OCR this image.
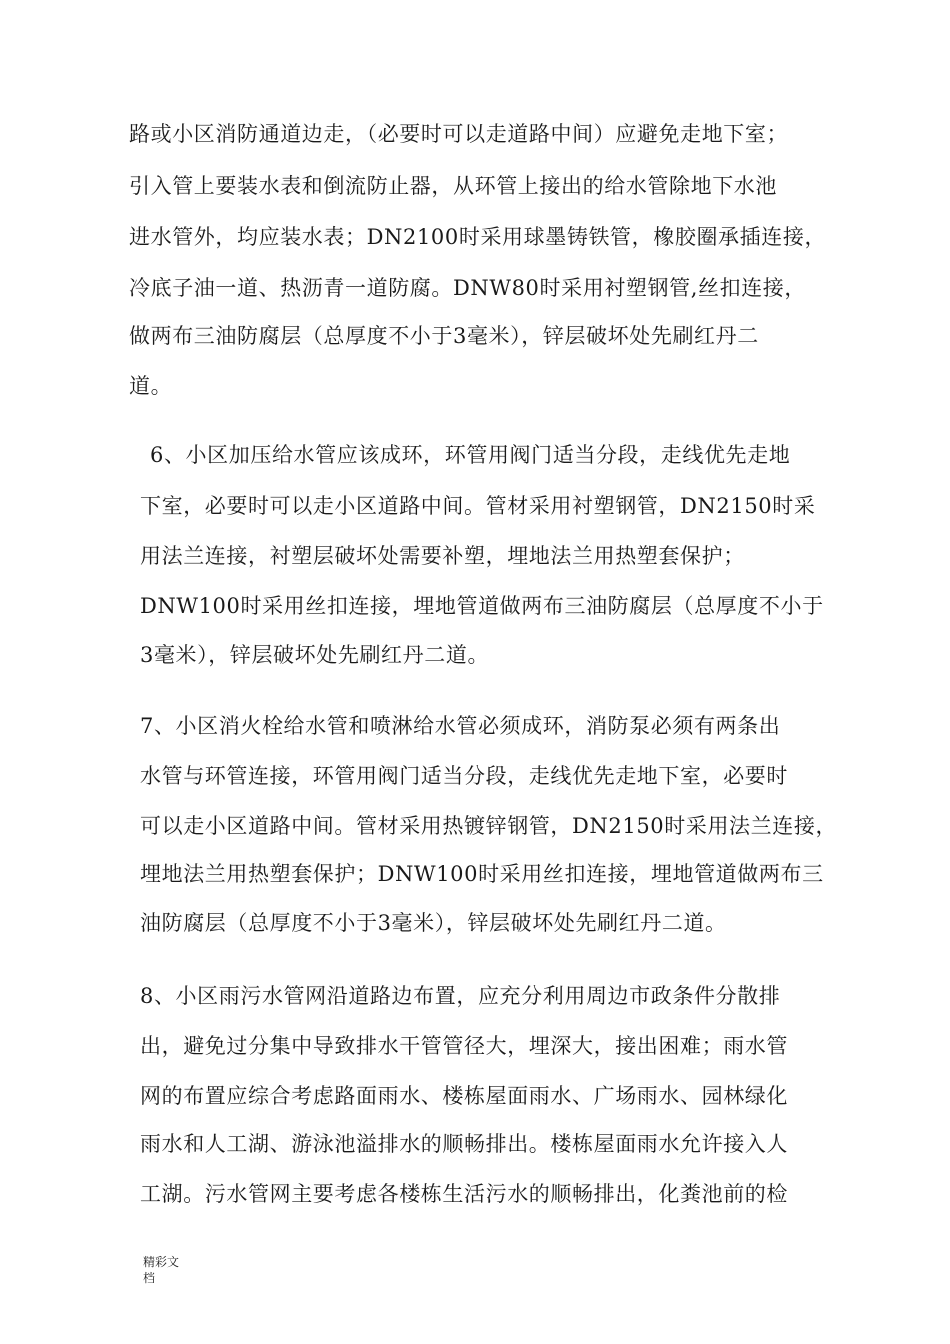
路或小区消防通道边走，（必要时可以走道路中间）应避免走地下室；
引入管上要装水表和倒流防止器，从环管上接出的给水管除地下水池
进水管外，均应装水表；DN2100时采用球墨铸铁管，橡胶圈承插连接，
冷底子油一道、热沥青一道防腐。DNW80时采用衬塑钢管,丝扣连接，
做两布三油防腐层（总厚度不小于3毫米），锌层破坏处先刷红丹二
道。
6、小区加压给水管应该成环，环管用阀门适当分段，走线优先走地
下室，必要时可以走小区道路中间。管材采用衬塑钢管，DN2150时采
用法兰连接，衬塑层破坏处需要补塑，埋地法兰用热塑套保护；
DNW100时采用丝扣连接，埋地管道做两布三油防腐层（总厚度不小于
3毫米），锌层破坏处先刷红丹二道。
7、小区消火栓给水管和喷淋给水管必须成环，消防泵必须有两条出
水管与环管连接，环管用阀门适当分段，走线优先走地下室，必要时
可以走小区道路中间。管材采用热镀锌钢管，DN2150时采用法兰连接，
埋地法兰用热塑套保护；DNW100时采用丝扣连接，埋地管道做两布三
油防腐层（总厚度不小于3毫米），锌层破坏处先刷红丹二道。
8、小区雨污水管网沿道路边布置，应充分利用周边市政条件分散排
出，避免过分集中导致排水干管管径大，埋深大，接出困难；雨水管
网的布置应综合考虑路面雨水、楼栋屋面雨水、广场雨水、园林绿化
雨水和人工湖、游泳池溢排水的顺畅排出。楼栋屋面雨水允许接入人
工湖。污水管网主要考虑各楼栋生活污水的顺畅排出，化粪池前的检
精彩文
档
